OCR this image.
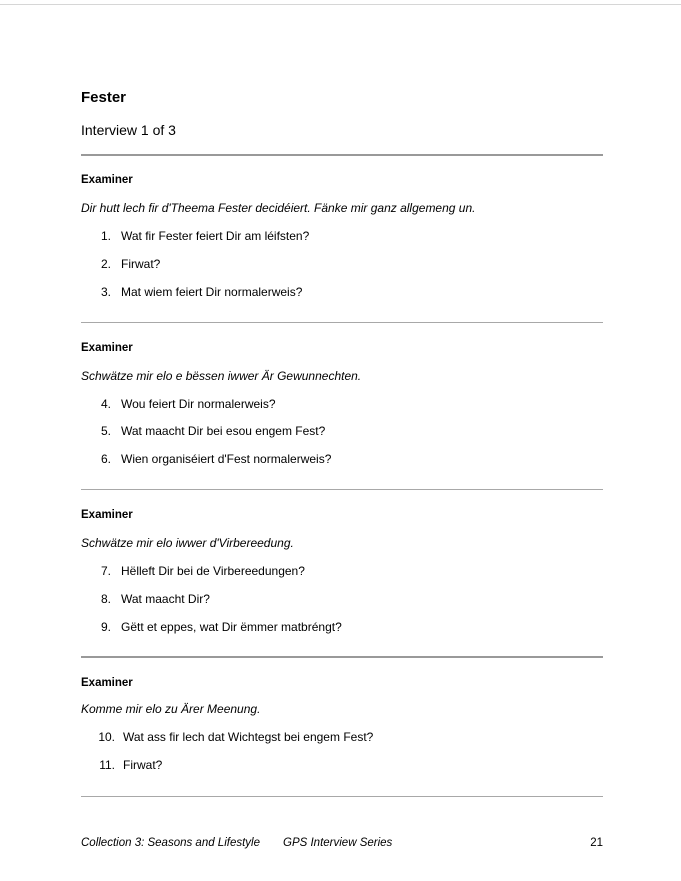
Fester
Interview 1 of 3
Examiner
Dir hutt lech fir d'Theema Fester decidéiert. Fänke mir ganz allgemeng un.
1. Wat fir Fester feiert Dir am léifsten?
2. Firwat?
3. Mat wiem feiert Dir normalerweis?
Examiner
Schwätze mir elo e bëssen iwwer Är Gewunnechten.
4. Wou feiert Dir normalerweis?
5. Wat maacht Dir bei esou engem Fest?
6. Wien organiséiert d'Fest normalerweis?
Examiner
Schwätze mir elo iwwer d'Virbereedung.
7. Hëlleft Dir bei de Virbereedungen?
8. Wat maacht Dir?
9. Gëtt et eppes, wat Dir ëmmer matbréngt?
Examiner
Komme mir elo zu Ärer Meenung.
10. Wat ass fir lech dat Wichtegst bei engem Fest?
11. Firwat?
Collection 3: Seasons and Lifestyle GPS Interview Series	21
